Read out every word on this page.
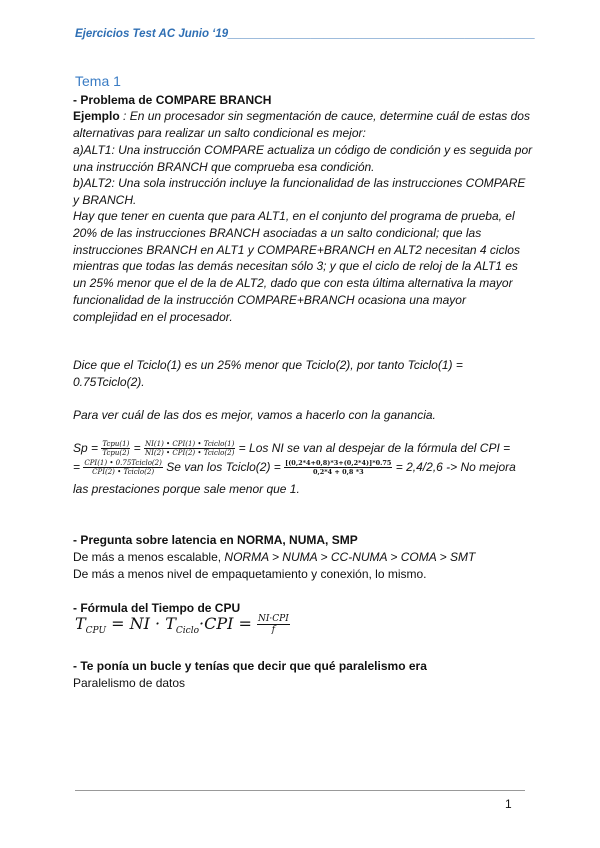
Ejercicios Test AC Junio ‘19________________________________________________
Tema 1
- Problema de COMPARE BRANCH
Ejemplo : En un procesador sin segmentación de cauce, determine cuál de estas dos alternativas para realizar un salto condicional es mejor:
a)ALT1: Una instrucción COMPARE actualiza un código de condición y es seguida por una instrucción BRANCH que comprueba esa condición.
b)ALT2: Una sola instrucción incluye la funcionalidad de las instrucciones COMPARE y BRANCH.
Hay que tener en cuenta que para ALT1, en el conjunto del programa de prueba, el 20% de las instrucciones BRANCH asociadas a un salto condicional; que las instrucciones BRANCH en ALT1 y COMPARE+BRANCH en ALT2 necesitan 4 ciclos mientras que todas las demás necesitan sólo 3; y que el ciclo de reloj de la ALT1 es un 25% menor que el de la de ALT2, dado que con esta última alternativa la mayor funcionalidad de la instrucción COMPARE+BRANCH ocasiona una mayor complejidad en el procesador.
Dice que el Tciclo(1) es un 25% menor que Tciclo(2), por tanto Tciclo(1) = 0.75Tciclo(2).
Para ver cuál de las dos es mejor, vamos a hacerlo con la ganancia.
$Sp = \frac{\text{Tcpu(1)}}{\text{Tcpu(2)}} = \frac{\text{NI(1) • CPI(1) • Tciclo(1)}}{\text{NI(2) • CPI(2) • Tciclo(2)}}$ = Los NI se van al despejar de la fórmula del CPI =
= $\frac{\text{CPI(1) • 0.75Tciclo(2)}}{\text{CPI(2) • Tciclo(2)}}$ Se van los Tciclo(2) = $\frac{[(0,2*4+0,8)*3+(0,2*4)]*0.75}{0,2*4 + 0,8 *3} = 2,4/2,6 -> No$ mejora
las prestaciones porque sale menor que 1.
- Pregunta sobre latencia en NORMA, NUMA, SMP
De más a menos escalable, NORMA > NUMA > CC-NUMA > COMA > SMT
De más a menos nivel de empaquetamiento y conexión, lo mismo.
- Fórmula del Tiempo de CPU
$T_{CPU}$ = NI · $T_{Ciclo}\cdot CPI = \frac{\text{NI·CPI}}{f}$
- Te ponía un bucle y tenías que decir que qué paralelismo era
Paralelismo de datos
1
